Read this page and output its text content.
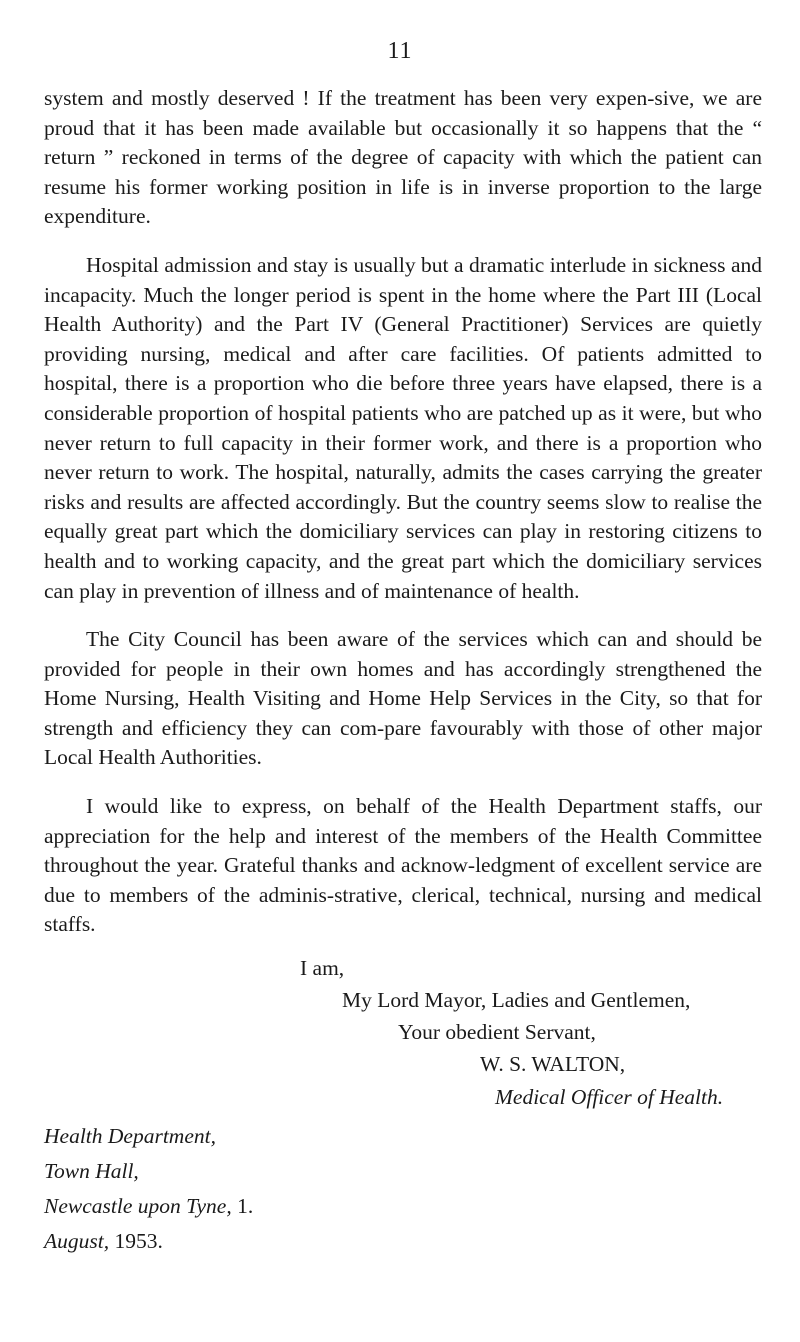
11

system and mostly deserved ! If the treatment has been very expen-sive, we are proud that it has been made available but occasionally it so happens that the “ return ” reckoned in terms of the degree of capacity with which the patient can resume his former working position in life is in inverse proportion to the large expenditure.

Hospital admission and stay is usually but a dramatic interlude in sickness and incapacity. Much the longer period is spent in the home where the Part III (Local Health Authority) and the Part IV (General Practitioner) Services are quietly providing nursing, medical and after care facilities. Of patients admitted to hospital, there is a proportion who die before three years have elapsed, there is a considerable proportion of hospital patients who are patched up as it were, but who never return to full capacity in their former work, and there is a proportion who never return to work. The hospital, naturally, admits the cases carrying the greater risks and results are affected accordingly. But the country seems slow to realise the equally great part which the domiciliary services can play in restoring citizens to health and to working capacity, and the great part which the domiciliary services can play in prevention of illness and of maintenance of health.

The City Council has been aware of the services which can and should be provided for people in their own homes and has accordingly strengthened the Home Nursing, Health Visiting and Home Help Services in the City, so that for strength and efficiency they can com-pare favourably with those of other major Local Health Authorities.

I would like to express, on behalf of the Health Department staffs, our appreciation for the help and interest of the members of the Health Committee throughout the year. Grateful thanks and acknow-ledgment of excellent service are due to members of the adminis-strative, clerical, technical, nursing and medical staffs.

I am,
My Lord Mayor, Ladies and Gentlemen,
Your obedient Servant,
W. S. WALTON,
Medical Officer of Health.
Health Department,
Town Hall,
Newcastle upon Tyne, 1.
August, 1953.
